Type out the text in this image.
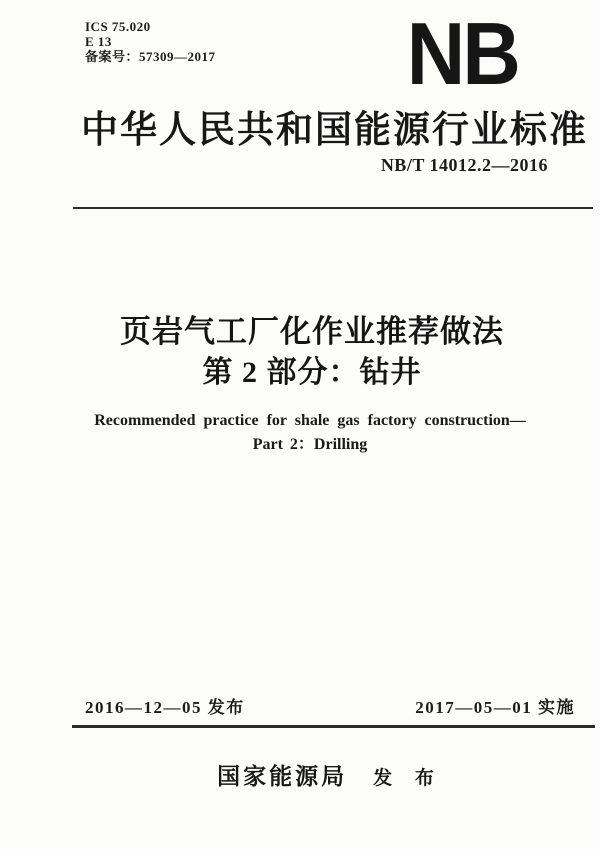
ICS 75.020
E 13
备案号：57309—2017 NB
中华人民共和国能源行业标准
NB/T 14012.2—2016
页岩气工厂化作业推荐做法
第 2 部分：钻井
Recommended practice for shale gas factory construction—
Part 2：Drilling
2016—12—05 发布	2017—05—01 实施
国家能源局 发 布
